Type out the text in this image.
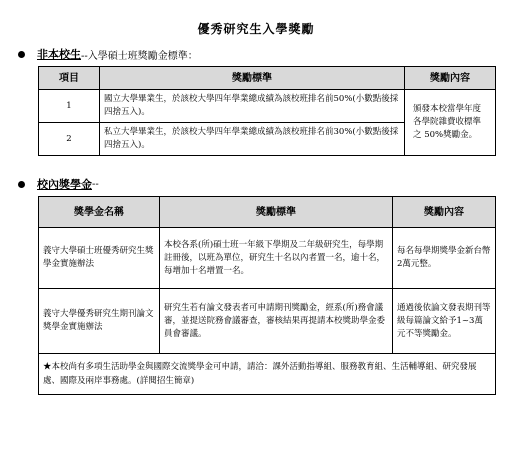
優秀研究生入學獎勵
非本校生 --入學碩士班獎勵金標準：
項目	獎勵標準	獎勵內容
1	國立大學畢業生，於該校大學四年學業總成績為該校班排名前50%(小數點後採四捨五入)。	頒發本校當學年度各學院雜費收標準之 50%獎勵金。
2	私立大學畢業生，於該校大學四年學業總成績為該校班排名前30%(小數點後採四捨五入)。	
校內獎學金 --
獎學金名稱	獎勵標準	獎勵內容
義守大學碩士班優秀研究生獎學金實施辦法	本校各系(所)碩士班一年級下學期及二年級研究生，每學期註冊後，以班為單位，研究生十名以內者置一名，逾十名，每增加十名增置一名。	每名每學期獎學金新台幣2萬元整。
義守大學優秀研究生期刊論文獎學金實施辦法	研究生若有論文發表者可申請期刊獎勵金，經系(所)務會議審，並提送院務會議審查，審核結果再提請本校獎助學金委員會審議。	通過後依論文發表期刊等級每篇論文給予1~3萬元不等獎勵金。
★本校尚有多項生活助學金與國際交流獎學金可申請，請洽：課外活動指導組、服務教育組、生活輔導組、研究發展處、國際及兩岸事務處。(詳閱招生簡章)		
